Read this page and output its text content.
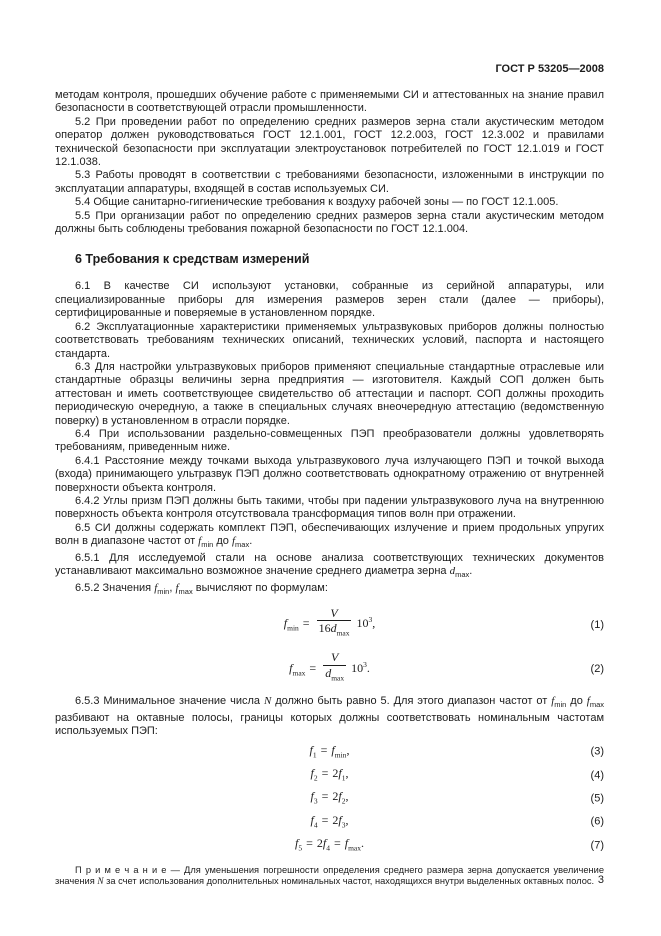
ГОСТ Р 53205—2008

методам контроля, прошедших обучение работе с применяемыми СИ и аттестованных на знание правил безопасности в соответствующей отрасли промышленности.

5.2 При проведении работ по определению средних размеров зерна стали акустическим методом оператор должен руководствоваться ГОСТ 12.1.001, ГОСТ 12.2.003, ГОСТ 12.3.002 и правилами технической безопасности при эксплуатации электроустановок потребителей по ГОСТ 12.1.019 и ГОСТ 12.1.038.

5.3 Работы проводят в соответствии с требованиями безопасности, изложенными в инструкции по эксплуатации аппаратуры, входящей в состав используемых СИ.

5.4 Общие санитарно-гигиенические требования к воздуху рабочей зоны — по ГОСТ 12.1.005.

5.5 При организации работ по определению средних размеров зерна стали акустическим методом должны быть соблюдены требования пожарной безопасности по ГОСТ 12.1.004.

6 Требования к средствам измерений

6.1 В качестве СИ используют установки, собранные из серийной аппаратуры, или специализированные приборы для измерения размеров зерен стали (далее — приборы), сертифицированные и поверяемые в установленном порядке.

6.2 Эксплуатационные характеристики применяемых ультразвуковых приборов должны полностью соответствовать требованиям технических описаний, технических условий, паспорта и настоящего стандарта.

6.3 Для настройки ультразвуковых приборов применяют специальные стандартные отраслевые или стандартные образцы величины зерна предприятия — изготовителя. Каждый СОП должен быть аттестован и иметь соответствующее свидетельство об аттестации и паспорт. СОП должны проходить периодическую очередную, а также в специальных случаях внеочередную аттестацию (ведомственную поверку) в установленном в отрасли порядке.

6.4 При использовании раздельно-совмещенных ПЭП преобразователи должны удовлетворять требованиям, приведенным ниже.

6.4.1 Расстояние между точками выхода ультразвукового луча излучающего ПЭП и точкой выхода (входа) принимающего ультразвук ПЭП должно соответствовать однократному отражению от внутренней поверхности объекта контроля.

6.4.2 Углы призм ПЭП должны быть такими, чтобы при падении ультразвукового луча на внутреннюю поверхность объекта контроля отсутствовала трансформация типов волн при отражении.

6.5 СИ должны содержать комплект ПЭП, обеспечивающих излучение и прием продольных упругих волн в диапазоне частот от $f_{min}$ до $f_{max}$.

6.5.1 Для исследуемой стали на основе анализа соответствующих технических документов устанавливают максимально возможное значение среднего диаметра зерна $d_{max}$.

6.5.2 Значения $f_{min}$, $f_{max}$ вычисляют по формулам:

$f_{min} = \frac{V}{16d_{max}} 10^3$,	(1)
$f_{max} = \frac{V}{d_{max}} 10^3$.	(2)

6.5.3 Минимальное значение числа N должно быть равно 5. Для этого диапазон частот от $f_{min}$ до $f_{max}$ разбивают на октавные полосы, границы которых должны соответствовать номинальным частотам используемых ПЭП:

$f_1 = f_{min}$,	(3)
$f_2 = 2f_1$,	(4)
$f_3 = 2f_2$,	(5)
$f_4 = 2f_3$,	(6)
$f_5 = 2f_4 = f_{max}$.	(7)

П р и м е ч а н и е — Для уменьшения погрешности определения среднего размера зерна допускается увеличение значения N за счет использования дополнительных номинальных частот, находящихся внутри выделенных октавных полос. 3
